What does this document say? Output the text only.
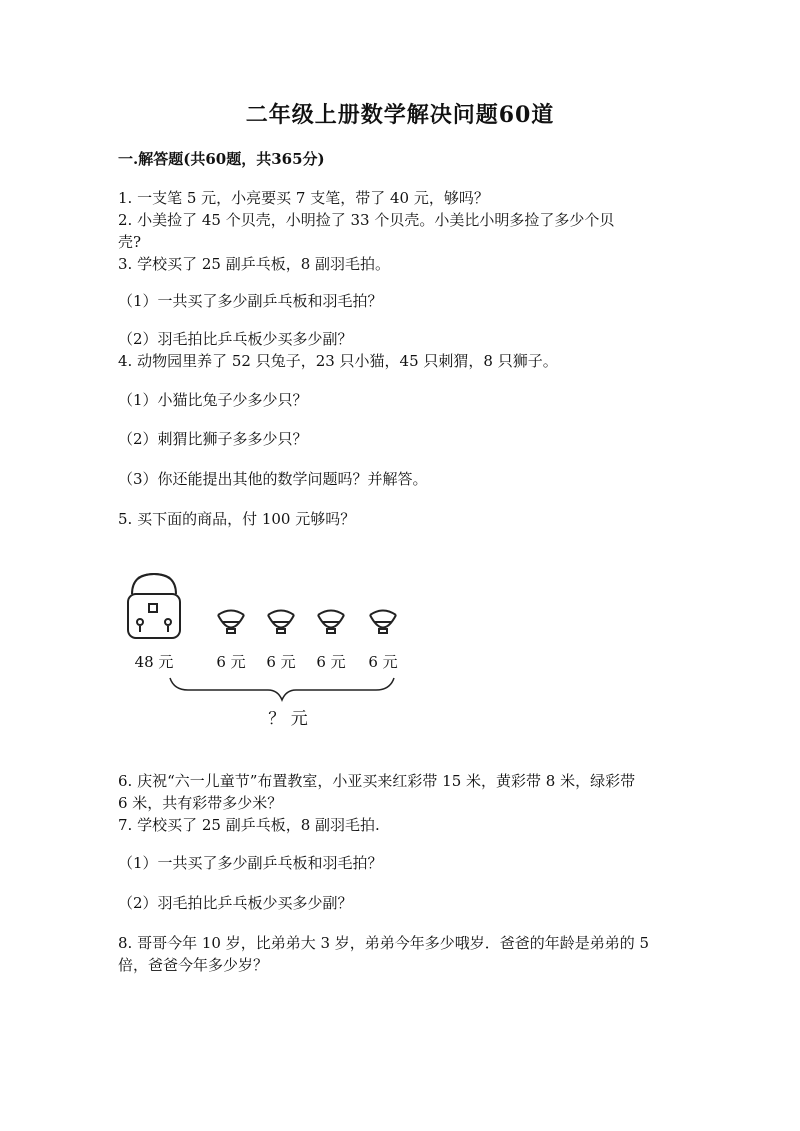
二年级上册数学解决问题60道
一.解答题(共60题，共365分)
1. 一支笔 5 元，小亮要买 7 支笔，带了 40 元，够吗？
2. 小美捡了 45 个贝壳，小明捡了 33 个贝壳。小美比小明多捡了多少个贝
壳?
3. 学校买了 25 副乒乓板，8 副羽毛拍。
（1）一共买了多少副乒乓板和羽毛拍？
（2）羽毛拍比乒乓板少买多少副？
4. 动物园里养了 52 只兔子，23 只小猫，45 只刺猬，8 只狮子。
（1）小猫比兔子少多少只？
（2）刺猬比狮子多多少只？
（3）你还能提出其他的数学问题吗？并解答。
5. 买下面的商品，付 100 元够吗？
48 元	6 元 6 元 6 元 6 元
？ 元
6. 庆祝“六一儿童节”布置教室，小亚买来红彩带 15 米，黄彩带 8 米，绿彩带
6 米，共有彩带多少米？
7. 学校买了 25 副乒乓板，8 副羽毛拍.
（1）一共买了多少副乒乓板和羽毛拍？
（2）羽毛拍比乒乓板少买多少副？
8. 哥哥今年 10 岁，比弟弟大 3 岁，弟弟今年多少哦岁．爸爸的年龄是弟弟的 5
倍，爸爸今年多少岁？
